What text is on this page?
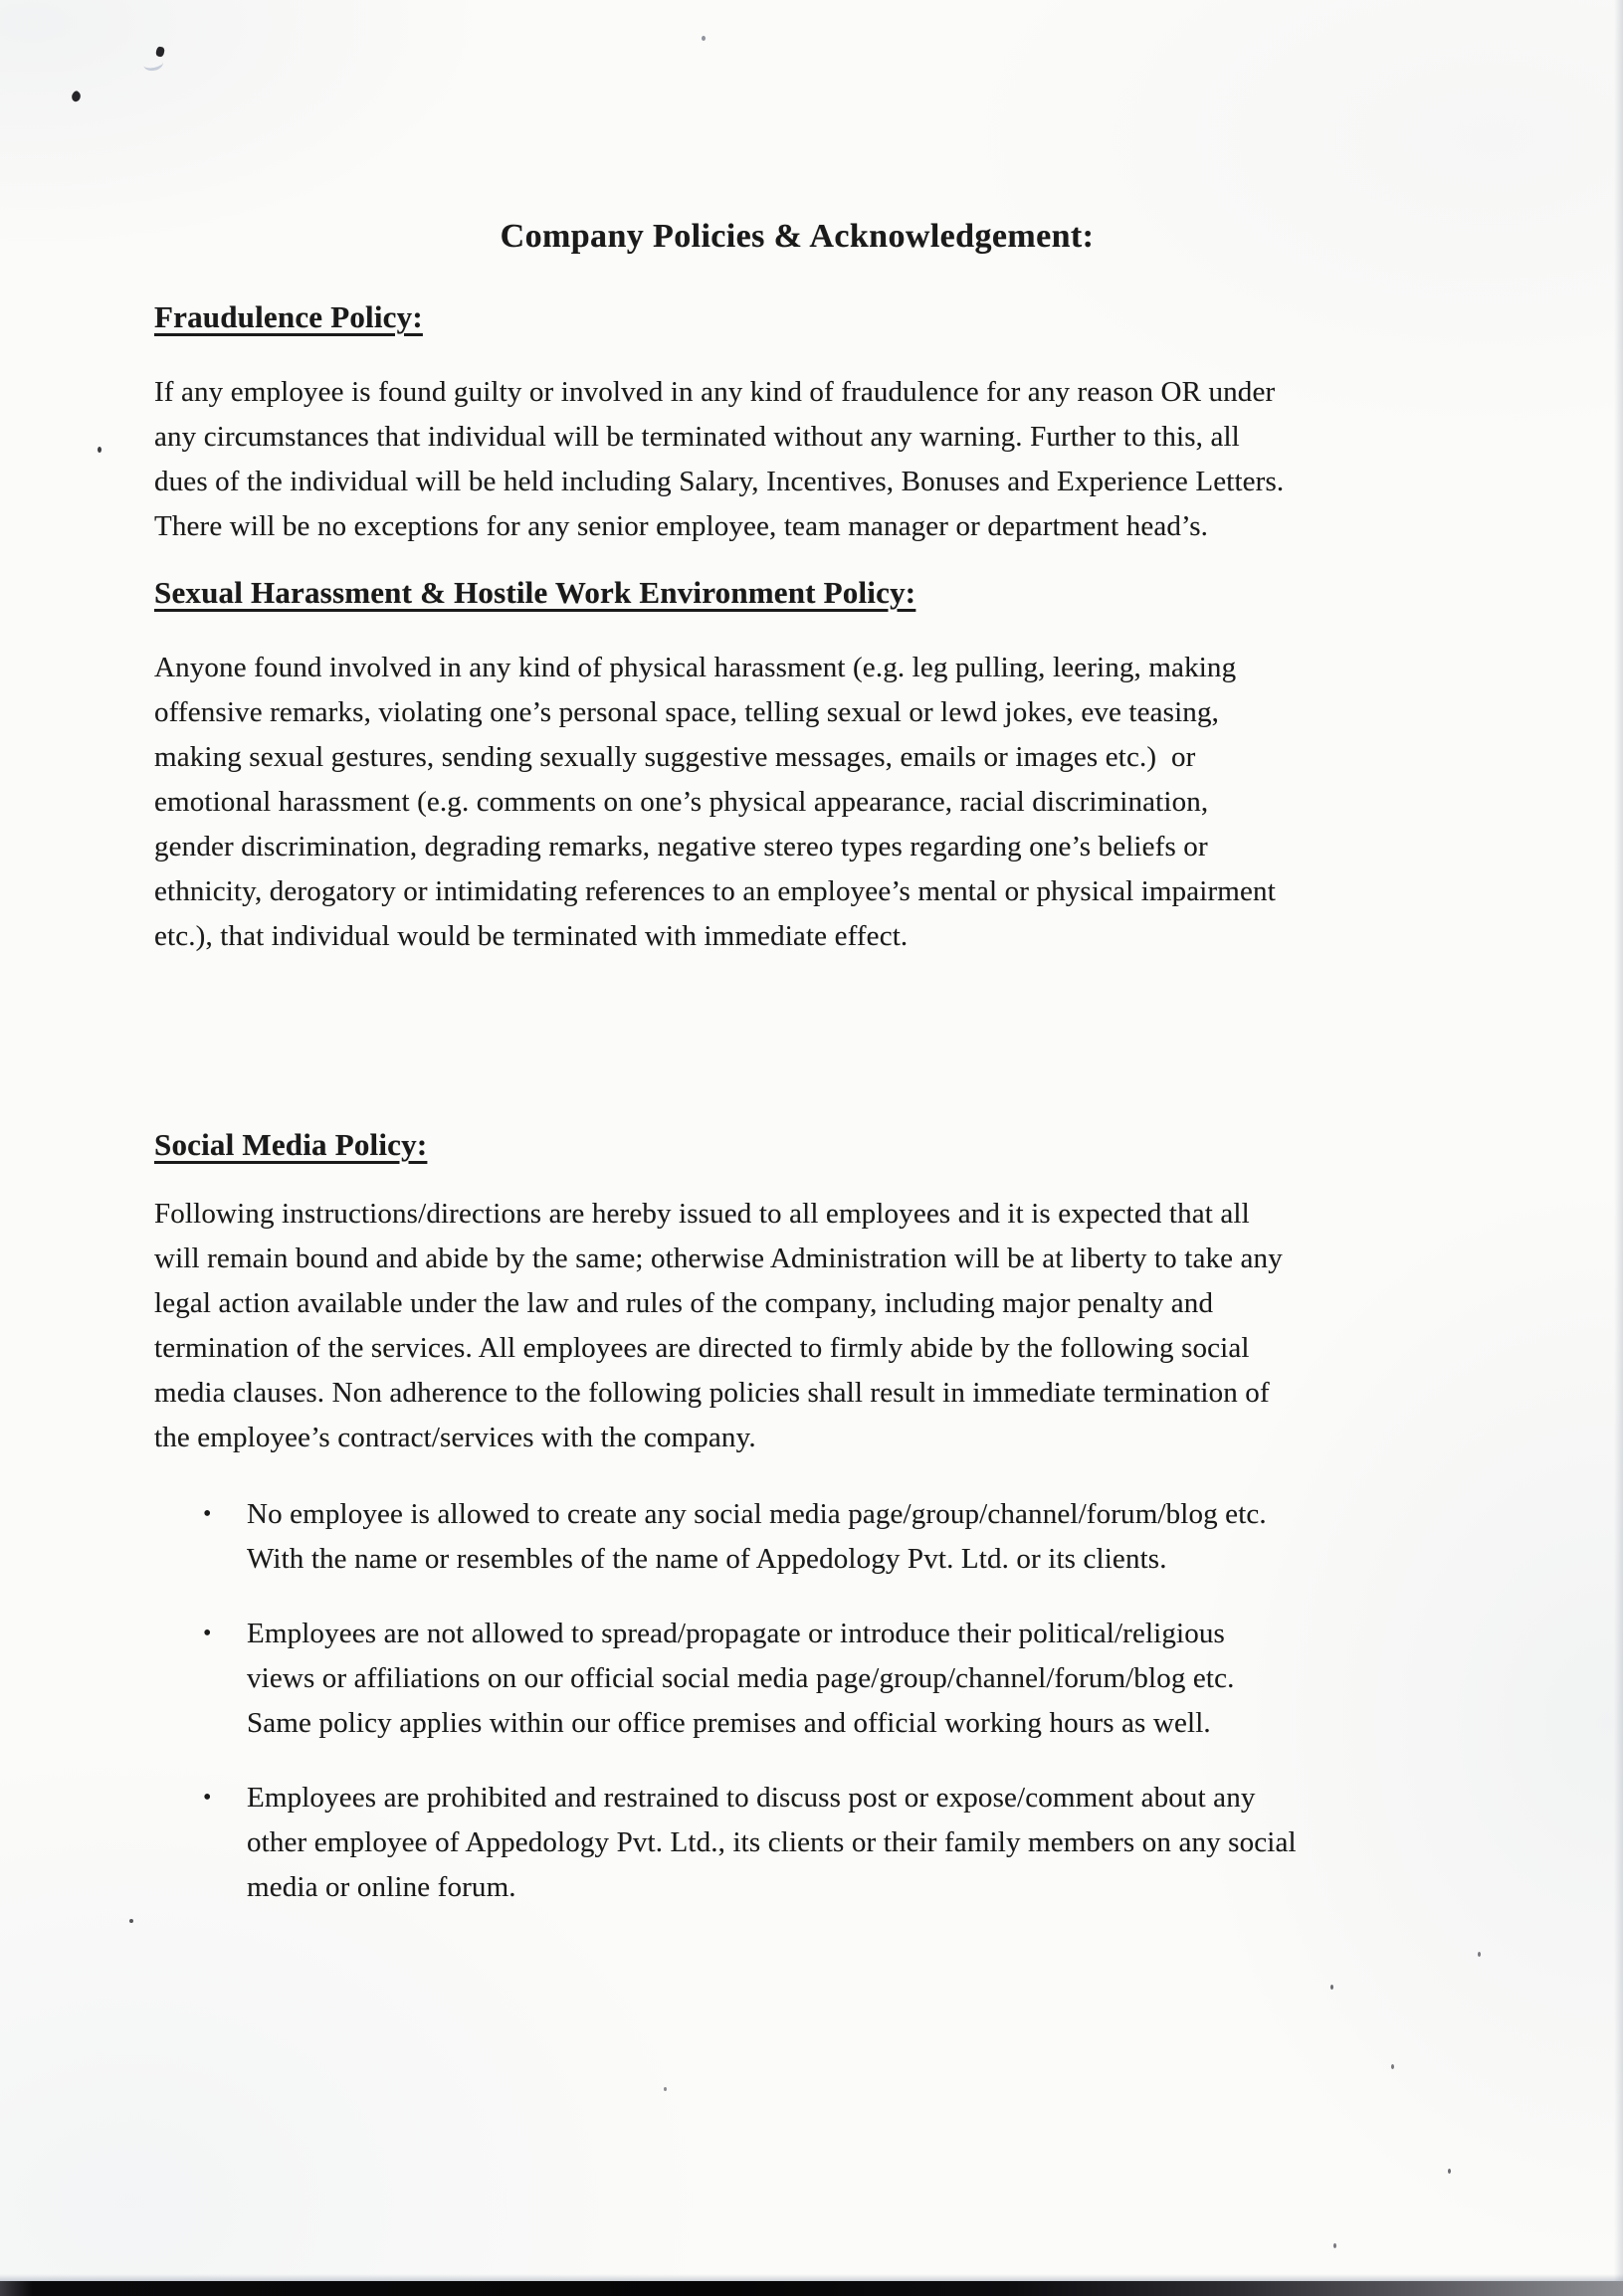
Company Policies & Acknowledgement:
Fraudulence Policy:
If any employee is found guilty or involved in any kind of fraudulence for any reason OR under
any circumstances that individual will be terminated without any warning. Further to this, all
dues of the individual will be held including Salary, Incentives, Bonuses and Experience Letters.
There will be no exceptions for any senior employee, team manager or department head’s.
Sexual Harassment & Hostile Work Environment Policy:
Anyone found involved in any kind of physical harassment (e.g. leg pulling, leering, making
offensive remarks, violating one’s personal space, telling sexual or lewd jokes, eve teasing,
making sexual gestures, sending sexually suggestive messages, emails or images etc.)  or
emotional harassment (e.g. comments on one’s physical appearance, racial discrimination,
gender discrimination, degrading remarks, negative stereo types regarding one’s beliefs or
ethnicity, derogatory or intimidating references to an employee’s mental or physical impairment
etc.), that individual would be terminated with immediate effect.
Social Media Policy:
Following instructions/directions are hereby issued to all employees and it is expected that all
will remain bound and abide by the same; otherwise Administration will be at liberty to take any
legal action available under the law and rules of the company, including major penalty and
termination of the services. All employees are directed to firmly abide by the following social
media clauses. Non adherence to the following policies shall result in immediate termination of
the employee’s contract/services with the company.
•	No employee is allowed to create any social media page/group/channel/forum/blog etc.
With the name or resembles of the name of Appedology Pvt. Ltd. or its clients.
•	Employees are not allowed to spread/propagate or introduce their political/religious
views or affiliations on our official social media page/group/channel/forum/blog etc.
Same policy applies within our office premises and official working hours as well.
•	Employees are prohibited and restrained to discuss post or expose/comment about any
other employee of Appedology Pvt. Ltd., its clients or their family members on any social
media or online forum.
